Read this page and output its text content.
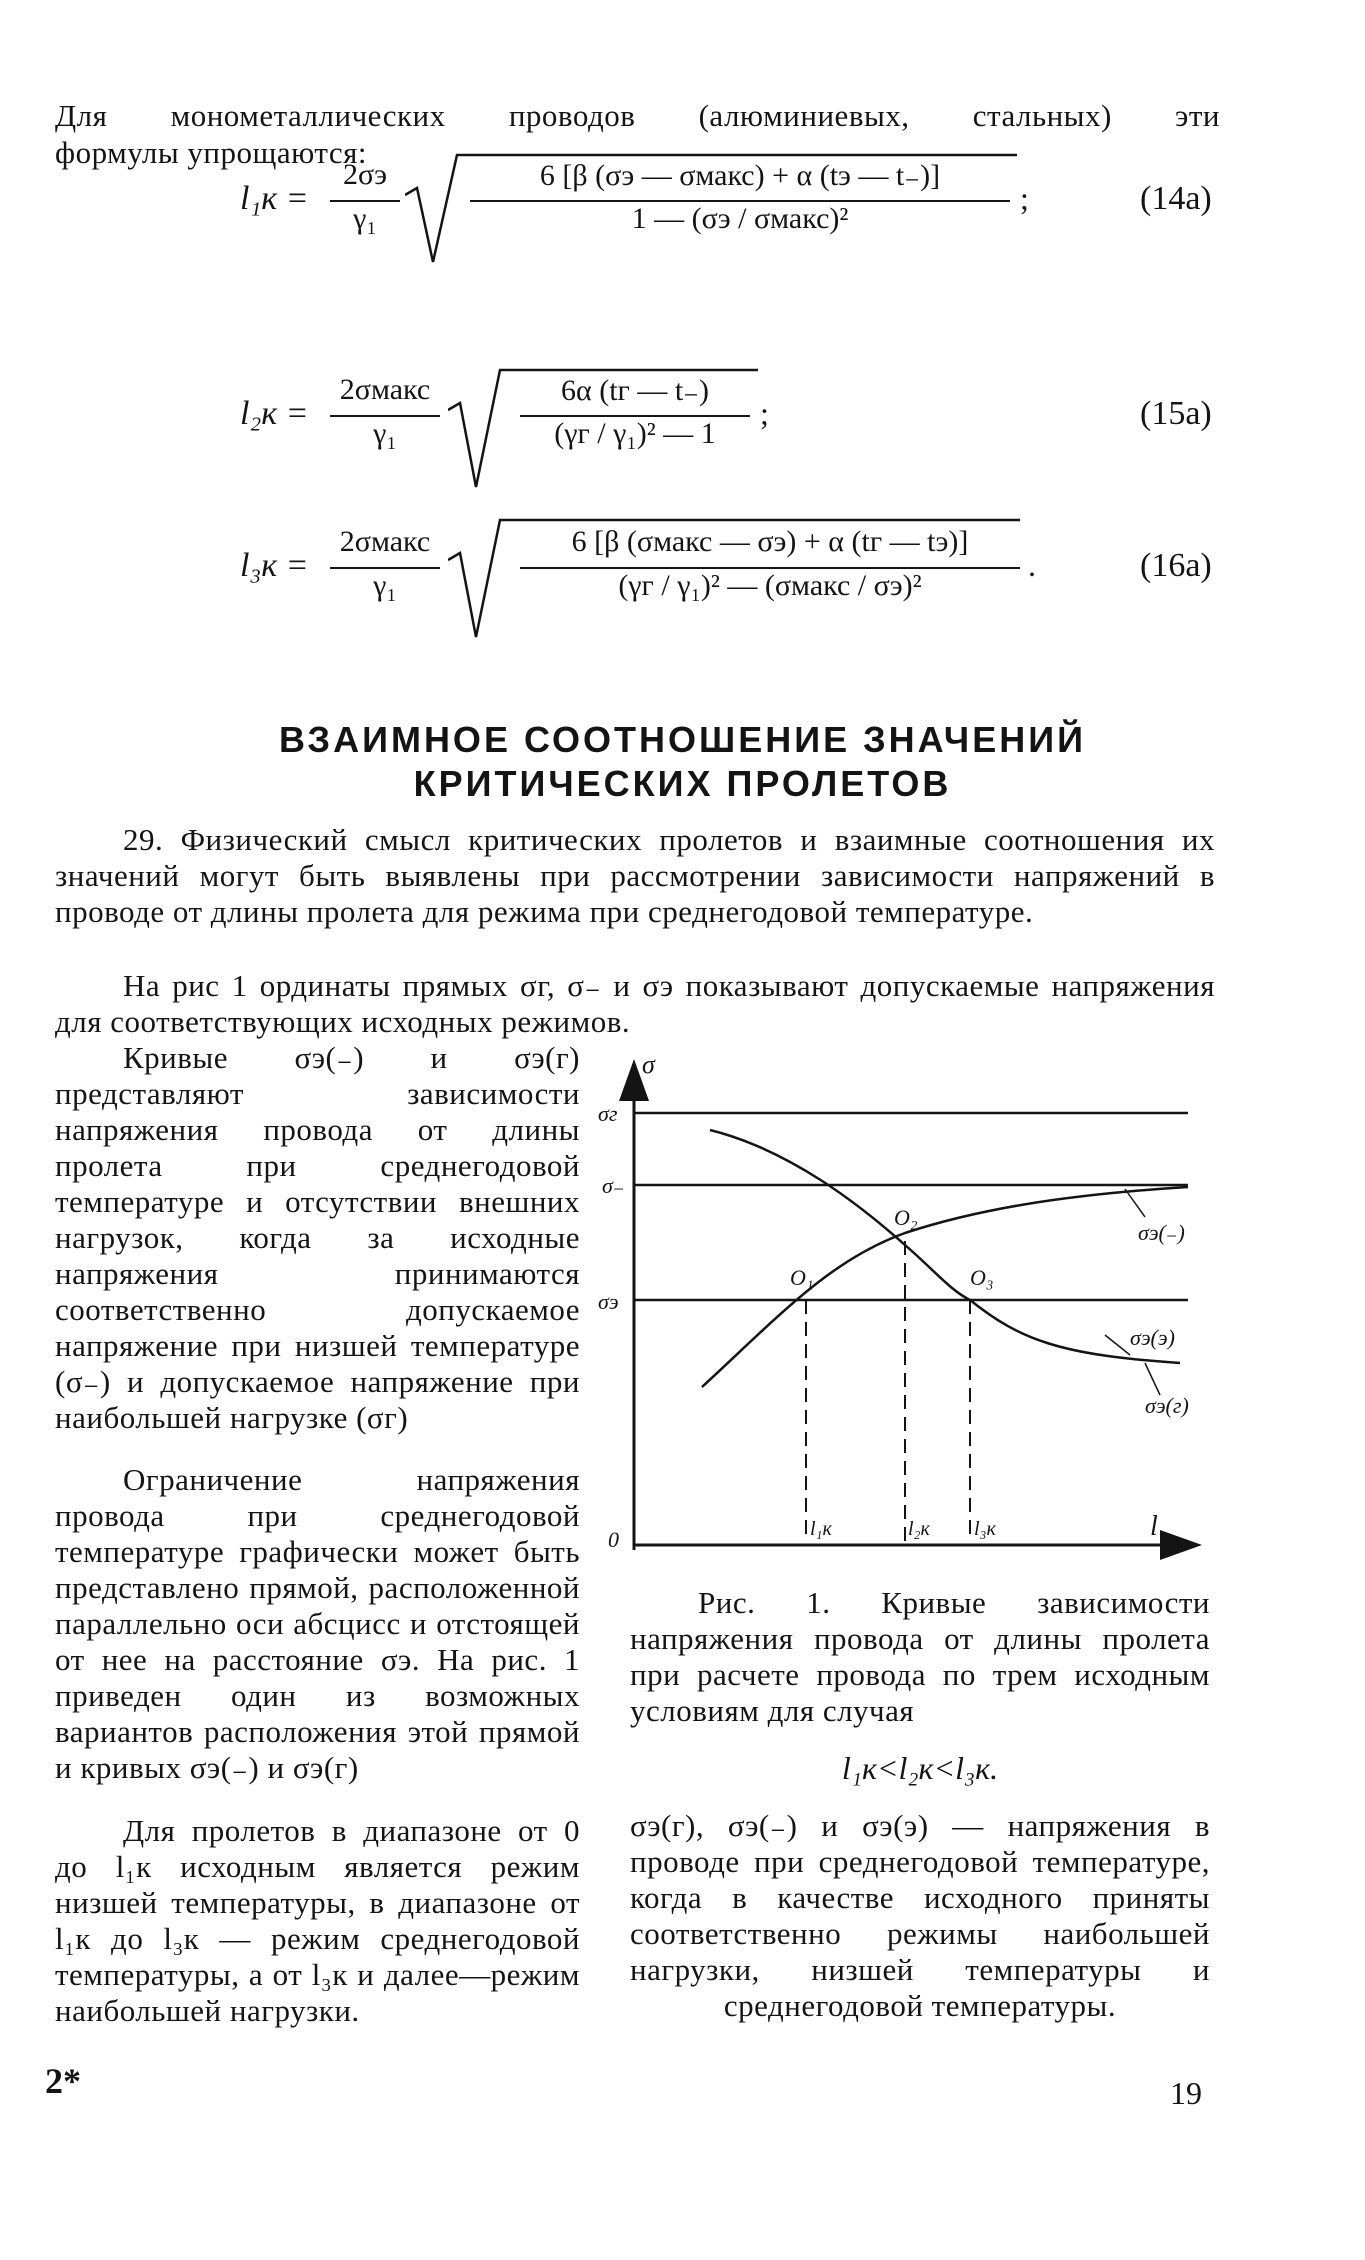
Для монометаллических проводов (алюминиевых, стальных) эти
формулы упрощаются:
l₁к =
2σэ
γ₁
6 [β (σэ — σмакс) + α (tэ — t₋)]
1 — (σэ / σмакс)²
;	(14a)
l₂к =
2σмакс
γ₁
6α (tг — t₋)
(γг / γ₁)² — 1
;	(15a)
l₃к =
2σмакс
γ₁
6 [β (σмакс — σэ) + α (tг — tэ)]
(γг / γ₁)² — (σмакс / σэ)²
.	(16a)
ВЗАИМНОЕ СООТНОШЕНИЕ ЗНАЧЕНИЙ
КРИТИЧЕСКИХ ПРОЛЕТОВ
29. Физический смысл критических пролетов и взаимные соотношения их значений могут быть выявлены при рассмотрении зависимости напряжений в проводе от длины пролета для режима при среднегодовой температуре.
На рис 1 ординаты прямых σг, σ₋ и σэ показывают допускаемые напряжения для соответствующих исходных режимов.
Кривые σэ(₋) и σэ(г) представляют зависимости напряжения провода от длины пролета при среднегодовой температуре и отсутствии внешних нагрузок, когда за исходные напряжения принимаются соответственно допускаемое напряжение при низшей температуре (σ₋) и допускаемое напряжение при наибольшей нагрузке (σг)
Ограничение напряжения провода при среднегодовой температуре графически может быть представлено прямой, расположенной параллельно оси абсцисс и отстоящей от нее на расстояние σэ. На рис. 1 приведен один из возможных вариантов расположения этой прямой и кривых σэ(₋) и σэ(г)
Для пролетов в диапазоне от 0 до l₁к исходным является режим низшей температуры, в диапазоне от l₁к до l₃к — режим среднегодовой температуры, а от l₃к и далее—режим наибольшей нагрузки.
σ
l
0
σг
σ₋
σэ
O₁
O₂
O₃
l₁к	l₂к l₃к
σэ(₋)
σэ(э)
σэ(г)
Рис. 1. Кривые зависимости напряжения провода от длины пролета при расчете провода по трем исходным условиям для случая
l₁к<l₂к<l₃к.
σэ(г), σэ(₋) и σэ(э) — напряжения в проводе при среднегодовой температуре, когда в качестве исходного приняты соответственно режимы наибольшей нагрузки, низшей температуры и среднегодовой температуры.
2*	19
